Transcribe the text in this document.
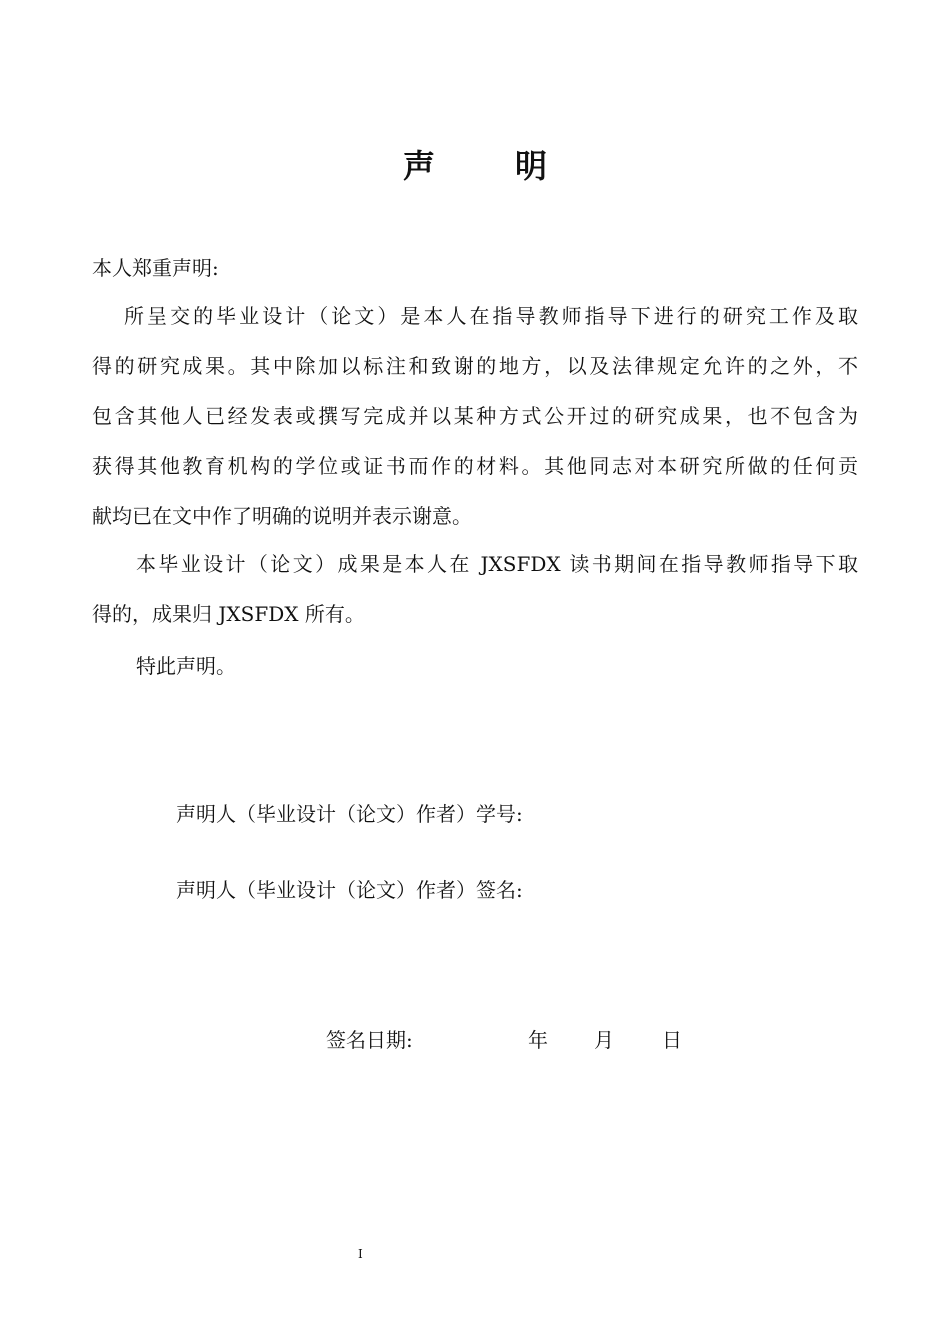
声明
本人郑重声明:
所呈交的毕业设计（论文）是本人在指导教师指导下进行的研究工作及取
得的研究成果。其中除加以标注和致谢的地方，以及法律规定允许的之外，不
包含其他人已经发表或撰写完成并以某种方式公开过的研究成果，也不包含为
获得其他教育机构的学位或证书而作的材料。其他同志对本研究所做的任何贡
献均已在文中作了明确的说明并表示谢意。
本毕业设计（论文）成果是本人在 JXSFDX 读书期间在指导教师指导下取
得的，成果归 JXSFDX 所有。
特此声明。
声明人（毕业设计（论文）作者）学号:
声明人（毕业设计（论文）作者）签名:
签名日期:	年 月 日
I
